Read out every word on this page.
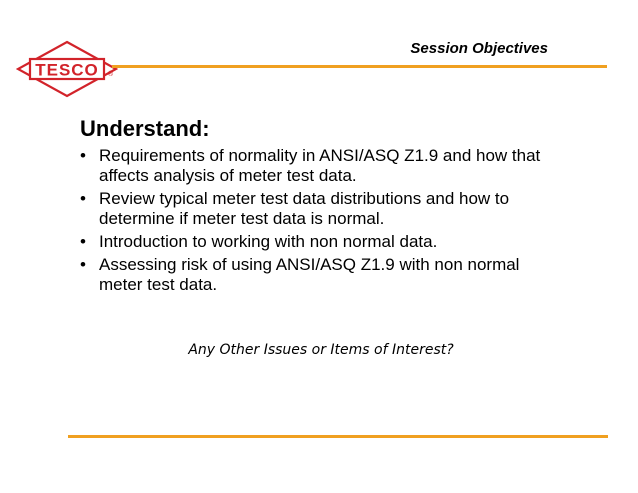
TESCO ®
Session Objectives
Understand:
• Requirements of normality in ANSI/ASQ Z1.9 and how that affects analysis of meter test data.
• Review typical meter test data distributions and how to determine if meter test data is normal.
• Introduction to working with non normal data.
• Assessing risk of using ANSI/ASQ Z1.9 with non normal meter test data.
Any Other Issues or Items of Interest?
